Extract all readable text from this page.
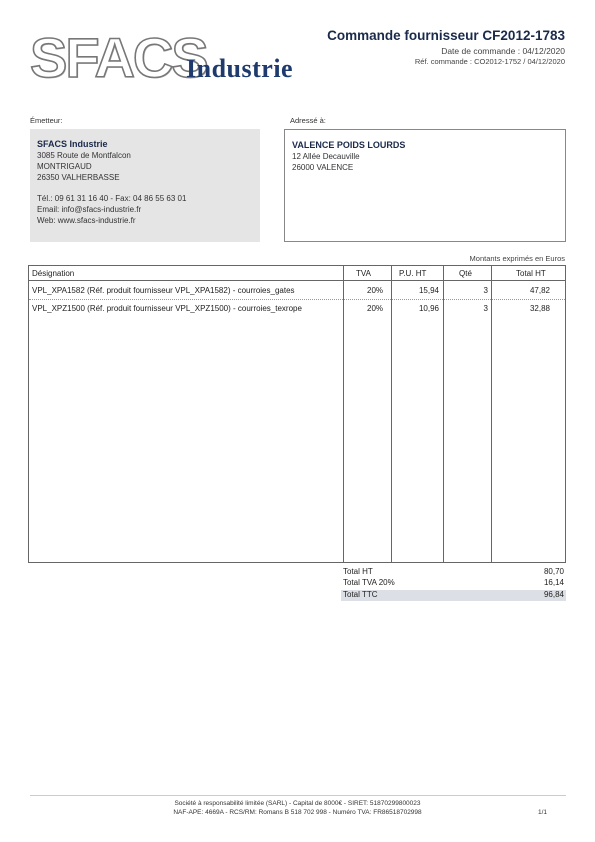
SFACS
Industrie
Commande fournisseur CF2012-1783
Date de commande : 04/12/2020
Réf. commande : CO2012-1752 / 04/12/2020
Émetteur:	Adressé à:
SFACS Industrie
3085 Route de Montfalcon
MONTRIGAUD
26350 VALHERBASSE
Tél.: 09 61 31 16 40 - Fax: 04 86 55 63 01
Email: info@sfacs-industrie.fr
Web: www.sfacs-industrie.fr
VALENCE POIDS LOURDS
12 Allée Decauville
26000 VALENCE
Montants exprimés en Euros
Désignation	TVA	P.U. HT	Qté	Total HT
VPL_XPA1582 (Réf. produit fournisseur VPL_XPA1582) - courroies_gates	20%	15,94	3	47,82
VPL_XPZ1500 (Réf. produit fournisseur VPL_XPZ1500) - courroies_texrope	20%	10,96	3	32,88
Total HT	80,70
Total TVA 20%	16,14
Total TTC	96,84
Société à responsabilité limitée (SARL) - Capital de 8000€ - SIRET: 51870299800023
NAF-APE: 4669A - RCS/RM: Romans B 518 702 998 - Numéro TVA: FR86518702998	1/1
